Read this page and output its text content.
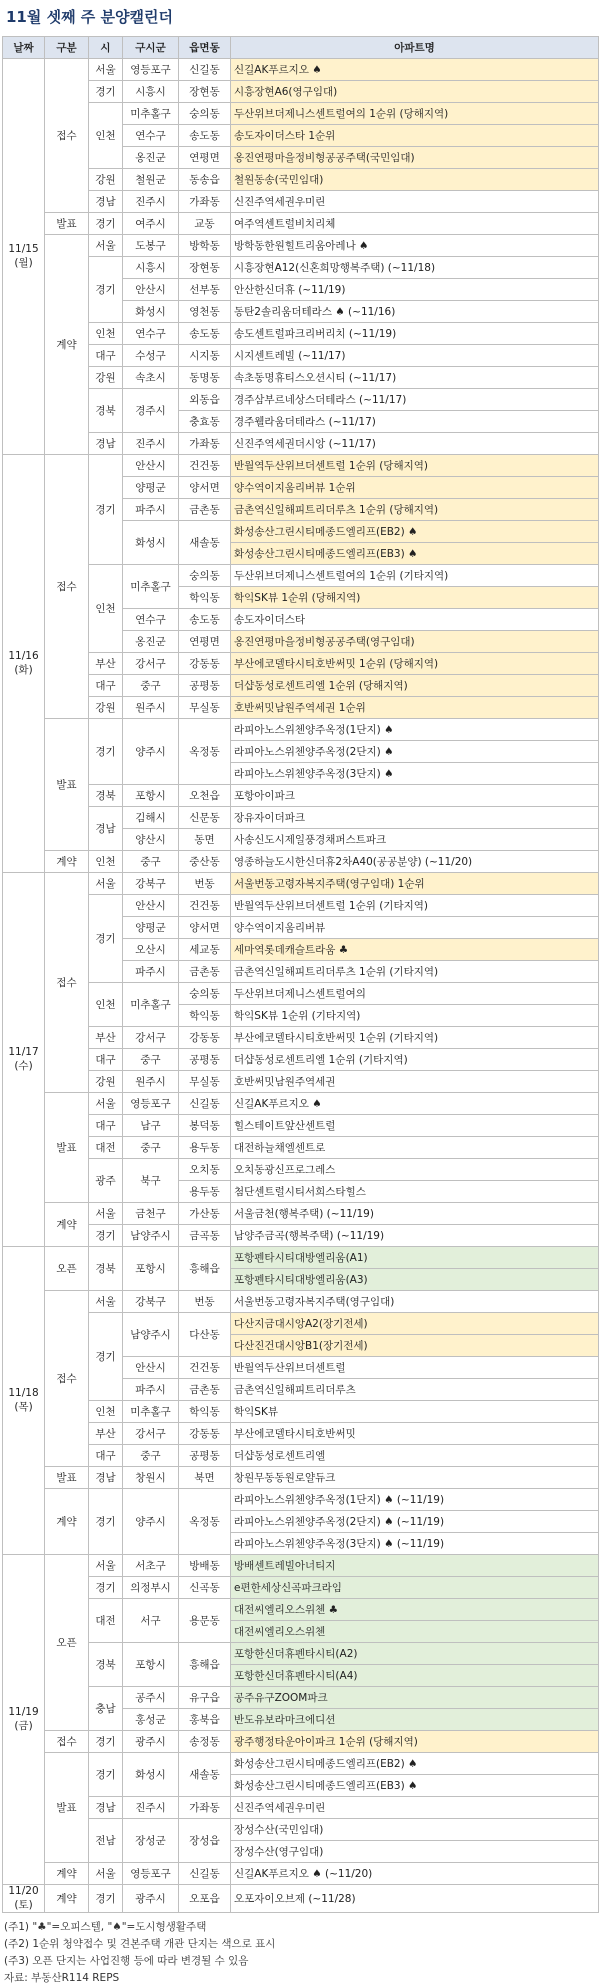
11월 셋째 주 분양캘린더
날짜	구분	시	구시군	읍면동	아파트명
11/15
(월)	접수	서울	영등포구	신길동	신길AK푸르지오 ♠
		경기	시흥시	장현동	시흥장현A6(영구임대)
		인천	미추홀구	숭의동	두산위브더제니스센트럴여의 1순위 (당해지역)
			연수구	송도동	송도자이더스타 1순위
			옹진군	연평면	옹진연평마을정비형공공주택(국민임대)
		강원	철원군	동송읍	철원동송(국민임대)
		경남	진주시	가좌동	신진주역세권우미린
	발표	경기	여주시	교동	여주역센트럴비치리체
	계약	서울	도봉구	방학동	방학동한원힐트리움아레나 ♠
		경기	시흥시	장현동	시흥장현A12(신혼희망행복주택) (~11/18)
			안산시	선부동	안산한신더휴 (~11/19)
			화성시	영천동	동탄2솔리움더테라스 ♠ (~11/16)
		인천	연수구	송도동	송도센트럴파크리버리치 (~11/19)
		대구	수성구	시지동	시지센트레빌 (~11/17)
		강원	속초시	동명동	속초동명휴티스오션시티 (~11/17)
		경북	경주시	외동읍	경주삼부르네상스더테라스 (~11/17)
				충효동	경주웰라움더테라스 (~11/17)
		경남	진주시	가좌동	신진주역세권더시앙 (~11/17)
11/16
(화)	접수	경기	안산시	건건동	반월역두산위브더센트럴 1순위 (당해지역)
			양평군	양서면	양수역이지움리버뷰 1순위
			파주시	금촌동	금촌역신일해피트리더루츠 1순위 (당해지역)
			화성시	새솔동	화성송산그린시티메종드엘리프(EB2) ♠
					화성송산그린시티메종드엘리프(EB3) ♠
		인천	미추홀구	숭의동	두산위브더제니스센트럴여의 1순위 (기타지역)
				학익동	학익SK뷰 1순위 (당해지역)
			연수구	송도동	송도자이더스타
			옹진군	연평면	옹진연평마을정비형공공주택(영구임대)
		부산	강서구	강동동	부산에코델타시티호반써밋 1순위 (당해지역)
		대구	중구	공평동	더샵동성로센트리엘 1순위 (당해지역)
		강원	원주시	무실동	호반써밋남원주역세권 1순위
	발표	경기	양주시	옥정동	라피아노스위첸양주옥정(1단지) ♠
					라피아노스위첸양주옥정(2단지) ♠
					라피아노스위첸양주옥정(3단지) ♠
		경북	포항시	오천읍	포항아이파크
		경남	김해시	신문동	장유자이더파크
			양산시	동면	사송신도시제일풍경채퍼스트파크
	계약	인천	중구	중산동	영종하늘도시한신더휴2차A40(공공분양) (~11/20)
11/17
(수)	접수	서울	강북구	번동	서울번동고령자복지주택(영구임대) 1순위
		경기	안산시	건건동	반월역두산위브더센트럴 1순위 (기타지역)
			양평군	양서면	양수역이지움리버뷰
			오산시	세교동	세마역롯데캐슬트라움 ♣
			파주시	금촌동	금촌역신일해피트리더루츠 1순위 (기타지역)
		인천	미추홀구	숭의동	두산위브더제니스센트럴여의
				학익동	학익SK뷰 1순위 (기타지역)
		부산	강서구	강동동	부산에코델타시티호반써밋 1순위 (기타지역)
		대구	중구	공평동	더샵동성로센트리엘 1순위 (기타지역)
		강원	원주시	무실동	호반써밋남원주역세권
	발표	서울	영등포구	신길동	신길AK푸르지오 ♠
		대구	남구	봉덕동	힐스테이트앞산센트럴
		대전	중구	용두동	대전하늘채엘센트로
		광주	북구	오치동	오치동광신프로그레스
				용두동	첨단센트럴시티서희스타힐스
	계약	서울	금천구	가산동	서울금천(행복주택) (~11/19)
		경기	남양주시	금곡동	남양주금곡(행복주택) (~11/19)
11/18
(목)	오픈	경북	포항시	흥해읍	포항펜타시티대방엘리움(A1)
					포항펜타시티대방엘리움(A3)
	접수	서울	강북구	번동	서울번동고령자복지주택(영구임대)
		경기	남양주시	다산동	다산지금대시앙A2(장기전세)
					다산진건대시앙B1(장기전세)
			안산시	건건동	반월역두산위브더센트럴
			파주시	금촌동	금촌역신일해피트리더루츠
		인천	미추홀구	학익동	학익SK뷰
		부산	강서구	강동동	부산에코델타시티호반써밋
		대구	중구	공평동	더샵동성로센트리엘
	발표	경남	창원시	북면	창원무동동원로얄듀크
	계약	경기	양주시	옥정동	라피아노스위첸양주옥정(1단지) ♠ (~11/19)
					라피아노스위첸양주옥정(2단지) ♠ (~11/19)
					라피아노스위첸양주옥정(3단지) ♠ (~11/19)
11/19
(금)	오픈	서울	서초구	방배동	방배센트레빌아너티지
		경기	의정부시	신곡동	e편한세상신곡파크라임
		대전	서구	용문동	대전씨엘리오스위첸 ♣
					대전씨엘리오스위첸
		경북	포항시	흥해읍	포항한신더휴펜타시티(A2)
					포항한신더휴펜타시티(A4)
		충남	공주시	유구읍	공주유구ZOOM파크
			홍성군	홍북읍	반도유보라마크에디션
	접수	경기	광주시	송정동	광주행정타운아이파크 1순위 (당해지역)
	발표	경기	화성시	새솔동	화성송산그린시티메종드엘리프(EB2) ♠
					화성송산그린시티메종드엘리프(EB3) ♠
		경남	진주시	가좌동	신진주역세권우미린
		전남	장성군	장성읍	장성수산(국민임대)
					장성수산(영구임대)
	계약	서울	영등포구	신길동	신길AK푸르지오 ♠ (~11/20)
11/20
(토)	계약	경기	광주시	오포읍	오포자이오브제 (~11/28)
(주1) "♣"=오피스텔, "♠"=도시형생활주택
(주2) 1순위 청약접수 및 견본주택 개관 단지는 색으로 표시
(주3) 오픈 단지는 사업진행 등에 따라 변경될 수 있음
자료: 부동산R114 REPS
